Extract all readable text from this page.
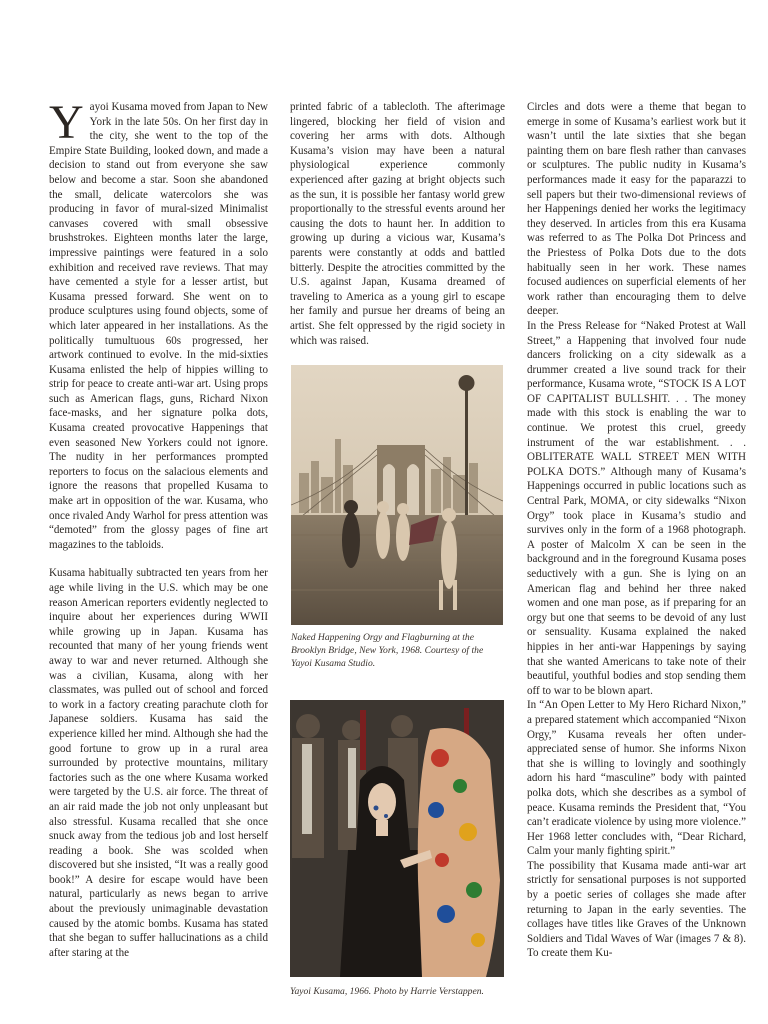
Yayoi Kusama moved from Japan to New York in the late 50s. On her first day in the city, she went to the top of the Empire State Building, looked down, and made a decision to stand out from everyone she saw below and become a star. Soon she abandoned the small, delicate watercolors she was producing in favor of mural-sized Minimalist canvases covered with small obsessive brushstrokes. Eighteen months later the large, impressive paintings were featured in a solo exhibition and received rave reviews. That may have cemented a style for a lesser artist, but Kusama pressed forward. She went on to produce sculptures using found objects, some of which later appeared in her installations. As the politically tumultuous 60s progressed, her artwork continued to evolve. In the mid-sixties Kusama enlisted the help of hippies willing to strip for peace to create anti-war art. Using props such as American flags, guns, Richard Nixon face-masks, and her signature polka dots, Kusama created provocative Happenings that even seasoned New Yorkers could not ignore. The nudity in her performances prompted reporters to focus on the salacious elements and ignore the reasons that propelled Kusama to make art in opposition of the war. Kusama, who once rivaled Andy Warhol for press attention was “demoted” from the glossy pages of fine art magazines to the tabloids.

Kusama habitually subtracted ten years from her age while living in the U.S. which may be one reason American reporters evidently neglected to inquire about her experiences during WWII while growing up in Japan. Kusama has recounted that many of her young friends went away to war and never returned. Although she was a civilian, Kusama, along with her classmates, was pulled out of school and forced to work in a factory creating parachute cloth for Japanese soldiers. Kusama has said the experience killed her mind. Although she had the good fortune to grow up in a rural area surrounded by protective mountains, military factories such as the one where Kusama worked were targeted by the U.S. air force. The threat of an air raid made the job not only unpleasant but also stressful. Kusama recalled that she once snuck away from the tedious job and lost herself reading a book. She was scolded when discovered but she insisted, “It was a really good book!” A desire for escape would have been natural, particularly as news began to arrive about the previously unimaginable devastation caused by the atomic bombs. Kusama has stated that she began to suffer hallucinations as a child after staring at the

printed fabric of a tablecloth. The afterimage lingered, blocking her field of vision and covering her arms with dots. Although Kusama’s vision may have been a natural physiological experience commonly experienced after gazing at bright objects such as the sun, it is possible her fantasy world grew proportionally to the stressful events around her causing the dots to haunt her. In addition to growing up during a vicious war, Kusama’s parents were constantly at odds and battled bitterly. Despite the atrocities committed by the U.S. against Japan, Kusama dreamed of traveling to America as a young girl to escape her family and pursue her dreams of being an artist. She felt oppressed by the rigid society in which was raised.

Naked Happening Orgy and Flagburning at the Brooklyn Bridge, New York, 1968. Courtesy of the Yayoi Kusama Studio.
Yayoi Kusama, 1966. Photo by Harrie Verstappen.

Circles and dots were a theme that began to emerge in some of Kusama’s earliest work but it wasn’t until the late sixties that she began painting them on bare flesh rather than canvases or sculptures. The public nudity in Kusama’s performances made it easy for the paparazzi to sell papers but their two-dimensional reviews of her Happenings denied her works the legitimacy they deserved. In articles from this era Kusama was referred to as The Polka Dot Princess and the Priestess of Polka Dots due to the dots habitually seen in her work. These names focused audiences on superficial elements of her work rather than encouraging them to delve deeper.

In the Press Release for “Naked Protest at Wall Street,” a Happening that involved four nude dancers frolicking on a city sidewalk as a drummer created a live sound track for their performance, Kusama wrote, “STOCK IS A LOT OF CAPITALIST BULLSHIT. . . The money made with this stock is enabling the war to continue. We protest this cruel, greedy instrument of the war establishment. . . OBLITERATE WALL STREET MEN WITH POLKA DOTS.” Although many of Kusama’s Happenings occurred in public locations such as Central Park, MOMA, or city sidewalks “Nixon Orgy” took place in Kusama’s studio and survives only in the form of a 1968 photograph. A poster of Malcolm X can be seen in the background and in the foreground Kusama poses seductively with a gun. She is lying on an American flag and behind her three naked women and one man pose, as if preparing for an orgy but one that seems to be devoid of any lust or sensuality. Kusama explained the naked hippies in her anti-war Happenings by saying that she wanted Americans to take note of their beautiful, youthful bodies and stop sending them off to war to be blown apart.

In “An Open Letter to My Hero Richard Nixon,” a prepared statement which accompanied “Nixon Orgy,” Kusama reveals her often under-appreciated sense of humor. She informs Nixon that she is willing to lovingly and soothingly adorn his hard “masculine” body with painted polka dots, which she describes as a symbol of peace. Kusama reminds the President that, “You can’t eradicate violence by using more violence.” Her 1968 letter concludes with, “Dear Richard, Calm your manly fighting spirit.”

The possibility that Kusama made anti-war art strictly for sensational purposes is not supported by a poetic series of collages she made after returning to Japan in the early seventies. The collages have titles like Graves of the Unknown Soldiers and Tidal Waves of War (images 7 & 8). To create them Ku-
